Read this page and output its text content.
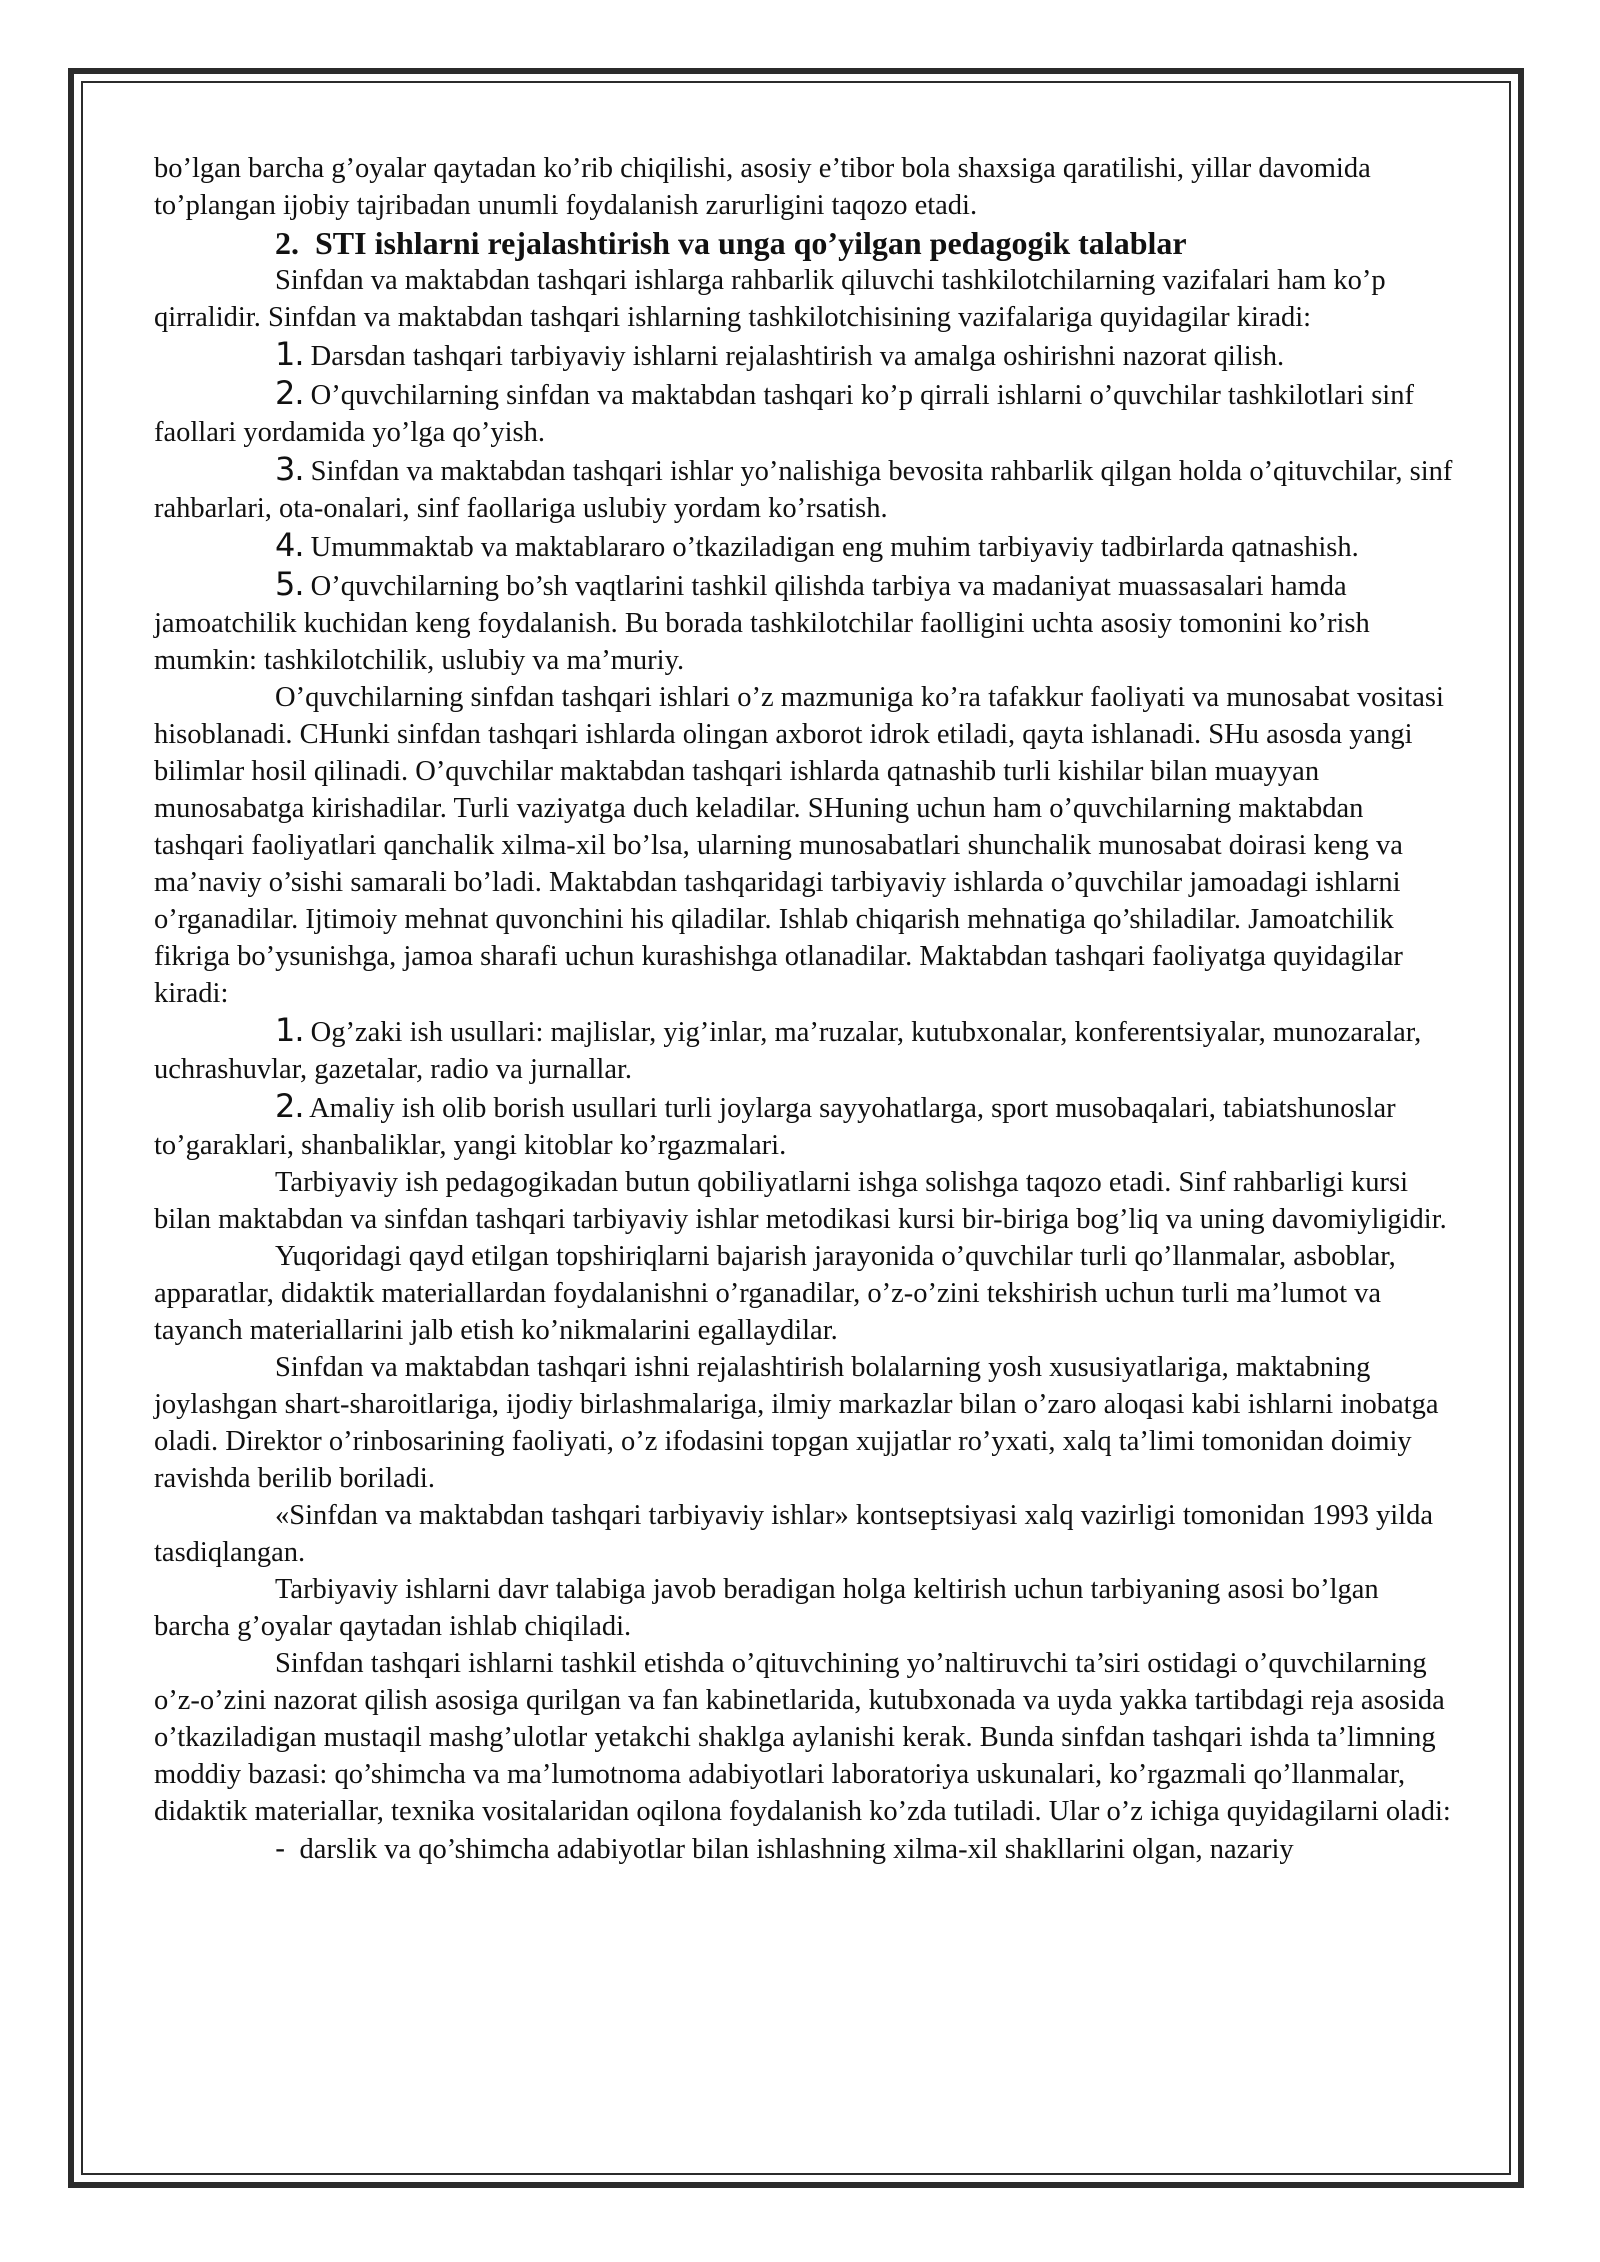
bo’lgan barcha g’oyalar qaytadan ko’rib chiqilishi, asosiy e’tibor bola shaxsiga qaratilishi, yillar davomida to’plangan ijobiy tajribadan unumli foydalanish zarurligini taqozo etadi.

2. STI ishlarni rejalashtirish va unga qo’yilgan pedagogik talablar

Sinfdan va maktabdan tashqari ishlarga rahbarlik qiluvchi tashkilotchilarning vazifalari ham ko’p qirralidir. Sinfdan va maktabdan tashqari ishlarning tashkilotchisining vazifalariga quyidagilar kiradi:

1. Darsdan tashqari tarbiyaviy ishlarni rejalashtirish va amalga oshirishni nazorat qilish.

2. O’quvchilarning sinfdan va maktabdan tashqari ko’p qirrali ishlarni o’quvchilar tashkilotlari sinf faollari yordamida yo’lga qo’yish.

3. Sinfdan va maktabdan tashqari ishlar yo’nalishiga bevosita rahbarlik qilgan holda o’qituvchilar, sinf rahbarlari, ota-onalari, sinf faollariga uslubiy yordam ko’rsatish.

4. Umummaktab va maktablararo o’tkaziladigan eng muhim tarbiyaviy tadbirlarda qatnashish.

5. O’quvchilarning bo’sh vaqtlarini tashkil qilishda tarbiya va madaniyat muassasalari hamda jamoatchilik kuchidan keng foydalanish. Bu borada tashkilotchilar faolligini uchta asosiy tomonini ko’rish mumkin: tashkilotchilik, uslubiy va ma’muriy.

O’quvchilarning sinfdan tashqari ishlari o’z mazmuniga ko’ra tafakkur faoliyati va munosabat vositasi hisoblanadi. CHunki sinfdan tashqari ishlarda olingan axborot idrok etiladi, qayta ishlanadi. SHu asosda yangi bilimlar hosil qilinadi. O’quvchilar maktabdan tashqari ishlarda qatnashib turli kishilar bilan muayyan munosabatga kirishadilar. Turli vaziyatga duch keladilar. SHuning uchun ham o’quvchilarning maktabdan tashqari faoliyatlari qanchalik xilma-xil bo’lsa, ularning munosabatlari shunchalik munosabat doirasi keng va ma’naviy o’sishi samarali bo’ladi. Maktabdan tashqaridagi tarbiyaviy ishlarda o’quvchilar jamoadagi ishlarni o’rganadilar. Ijtimoiy mehnat quvonchini his qiladilar. Ishlab chiqarish mehnatiga qo’shiladilar. Jamoatchilik fikriga bo’ysunishga, jamoa sharafi uchun kurashishga otlanadilar. Maktabdan tashqari faoliyatga quyidagilar kiradi:

1. Og’zaki ish usullari: majlislar, yig’inlar, ma’ruzalar, kutubxonalar, konferentsiyalar, munozaralar, uchrashuvlar, gazetalar, radio va jurnallar.

2. Amaliy ish olib borish usullari turli joylarga sayyohatlarga, sport musobaqalari, tabiatshunoslar to’garaklari, shanbaliklar, yangi kitoblar ko’rgazmalari.

Tarbiyaviy ish pedagogikadan butun qobiliyatlarni ishga solishga taqozo etadi. Sinf rahbarligi kursi bilan maktabdan va sinfdan tashqari tarbiyaviy ishlar metodikasi kursi bir-biriga bog’liq va uning davomiyligidir.

Yuqoridagi qayd etilgan topshiriqlarni bajarish jarayonida o’quvchilar turli qo’llanmalar, asboblar, apparatlar, didaktik materiallardan foydalanishni o’rganadilar, o’z-o’zini tekshirish uchun turli ma’lumot va tayanch materiallarini jalb etish ko’nikmalarini egallaydilar.

Sinfdan va maktabdan tashqari ishni rejalashtirish bolalarning yosh xususiyatlariga, maktabning joylashgan shart-sharoitlariga, ijodiy birlashmalariga, ilmiy markazlar bilan o’zaro aloqasi kabi ishlarni inobatga oladi. Direktor o’rinbosarining faoliyati, o’z ifodasini topgan xujjatlar ro’yxati, xalq ta’limi tomonidan doimiy ravishda berilib boriladi.

«Sinfdan va maktabdan tashqari tarbiyaviy ishlar» kontseptsiyasi xalq vazirligi tomonidan 1993 yilda tasdiqlangan.

Tarbiyaviy ishlarni davr talabiga javob beradigan holga keltirish uchun tarbiyaning asosi bo’lgan barcha g’oyalar qaytadan ishlab chiqiladi.

Sinfdan tashqari ishlarni tashkil etishda o’qituvchining yo’naltiruvchi ta’siri ostidagi o’quvchilarning o’z-o’zini nazorat qilish asosiga qurilgan va fan kabinetlarida, kutubxonada va uyda yakka tartibdagi reja asosida o’tkaziladigan mustaqil mashg’ulotlar yetakchi shaklga aylanishi kerak. Bunda sinfdan tashqari ishda ta’limning moddiy bazasi: qo’shimcha va ma’lumotnoma adabiyotlari laboratoriya uskunalari, ko’rgazmali qo’llanmalar, didaktik materiallar, texnika vositalaridan oqilona foydalanish ko’zda tutiladi. Ular o’z ichiga quyidagilarni oladi:

- darslik va qo’shimcha adabiyotlar bilan ishlashning xilma-xil shakllarini olgan, nazariy
